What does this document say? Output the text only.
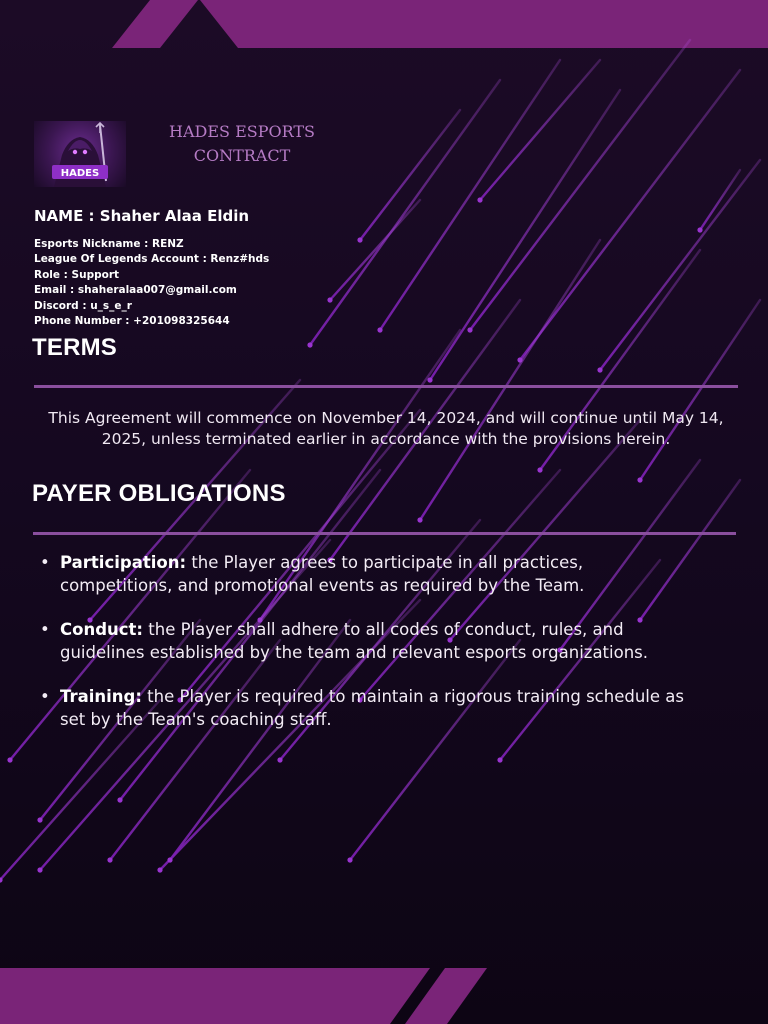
HADES
HADES ESPORTS
CONTRACT
NAME : Shaher Alaa Eldin
Esports Nickname : RENZ
League Of Legends Account : Renz#hds
Role : Support
Email : shaheralaa007@gmail.com
Discord : u_s_e_r
Phone Number : +201098325644
TERMS
This Agreement will commence on November 14, 2024, and will continue until May 14, 2025, unless terminated earlier in accordance with the provisions herein.
PAYER OBLIGATIONS
• Participation: the Player agrees to participate in all practices, competitions, and promotional events as required by the Team.
• Conduct: the Player shall adhere to all codes of conduct, rules, and guidelines established by the team and relevant esports organizations.
• Training: the Player is required to maintain a rigorous training schedule as set by the Team's coaching staff.
